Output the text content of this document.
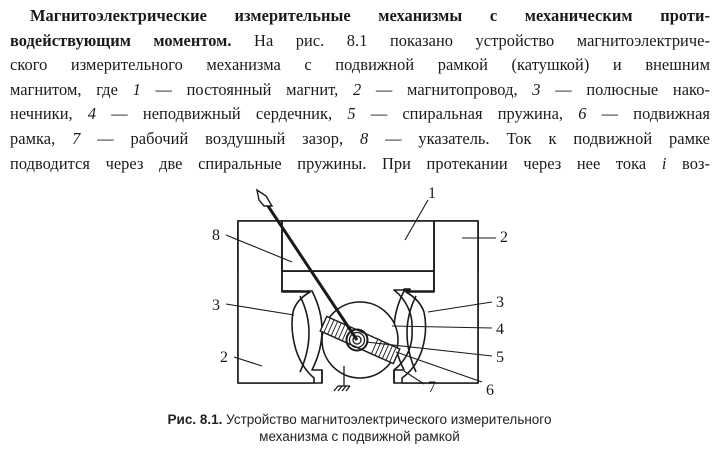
Магнитоэлектрические измерительные механизмы с механическим проти-
водействующим моментом. На рис. 8.1 показано устройство магнитоэлектриче-
ского измерительного механизма с подвижной рамкой (катушкой) и внешним
магнитом, где 1 — постоянный магнит, 2 — магнитопровод, 3 — полюсные нако-
нечники, 4 — неподвижный сердечник, 5 — спиральная пружина, 6 — подвижная
рамка, 7 — рабочий воздушный зазор, 8 — указатель. Ток к подвижной рамке
подводится через две спиральные пружины. При протекании через нее тока i воз-
1
2
8
3	3
4
5
2
7	6
Рис. 8.1. Устройство магнитоэлектрического измерительного
механизма с подвижной рамкой
